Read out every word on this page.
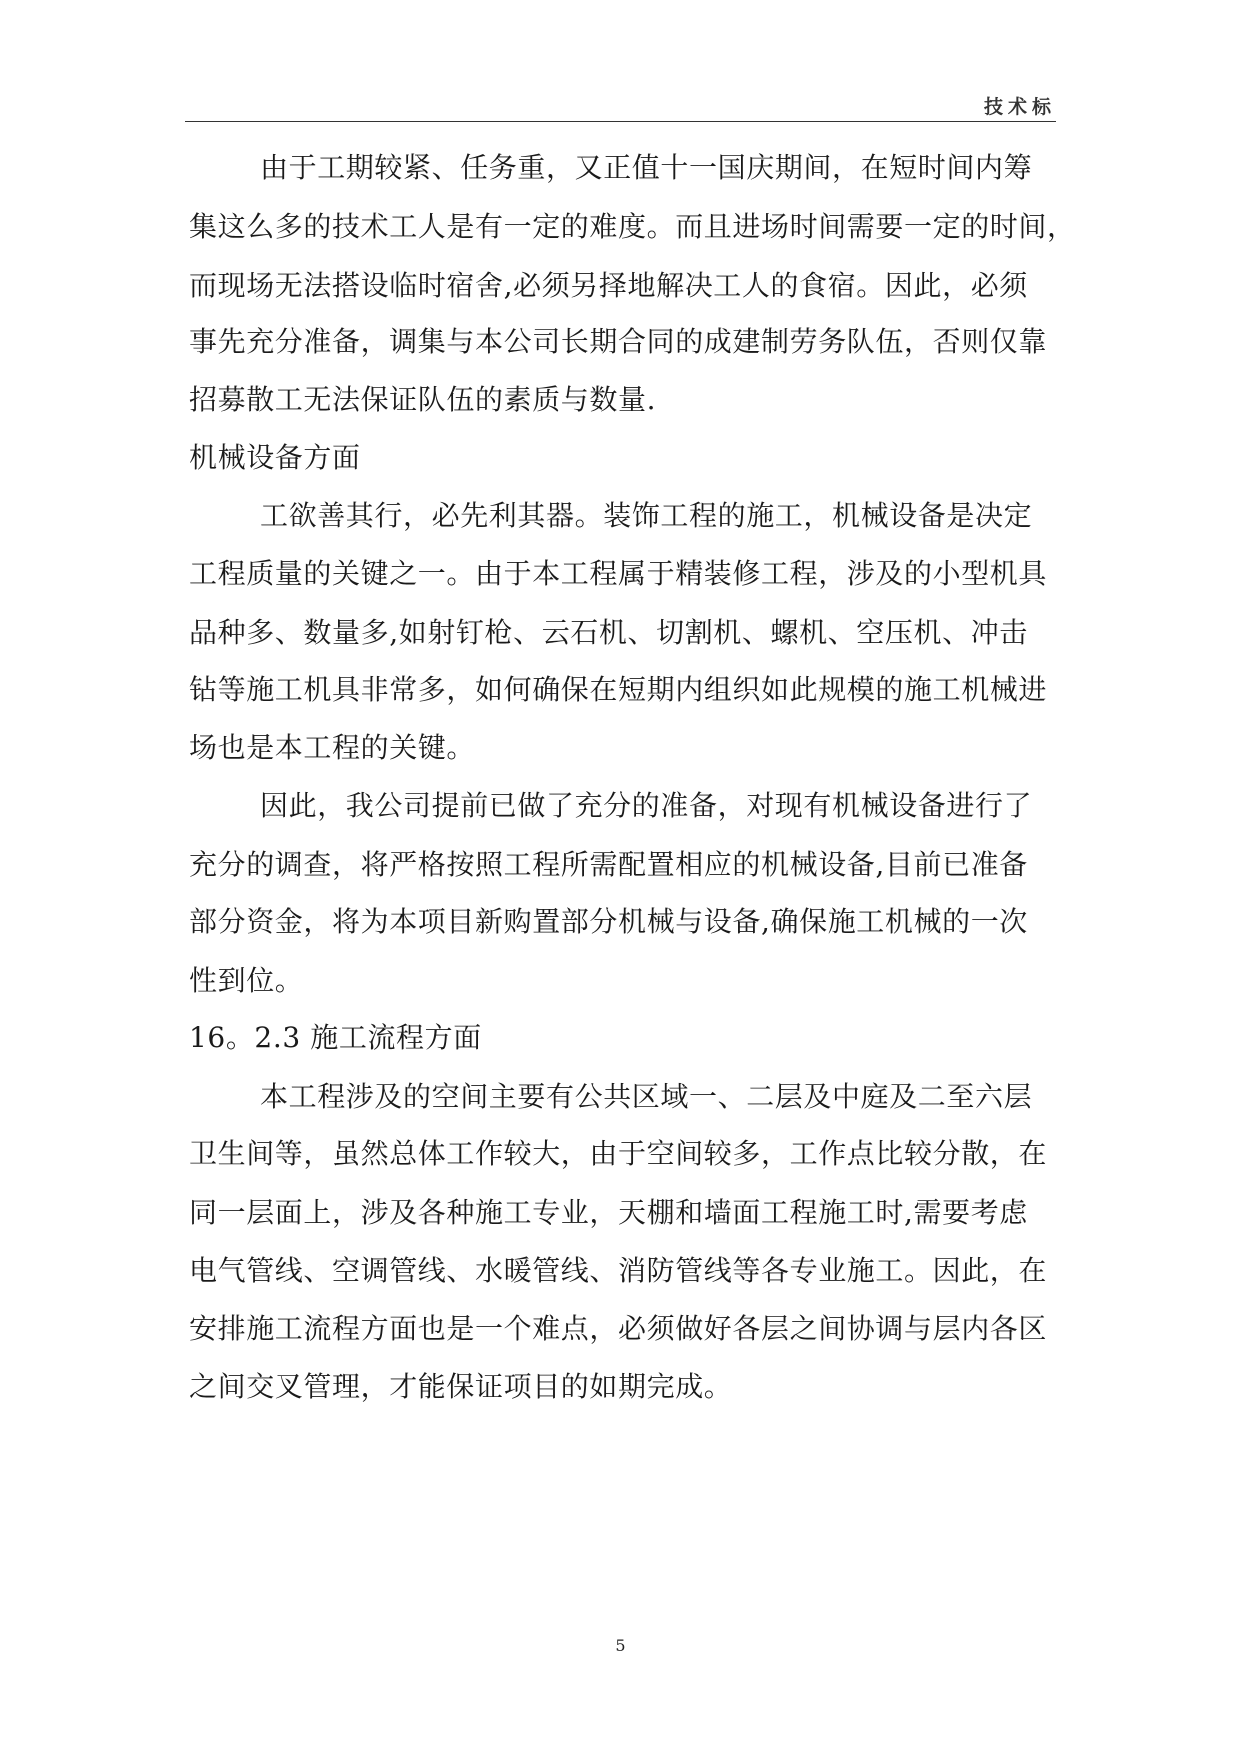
技术标
由于工期较紧、任务重，又正值十一国庆期间，在短时间内筹
集这么多的技术工人是有一定的难度。而且进场时间需要一定的时间，
而现场无法搭设临时宿舍,必须另择地解决工人的食宿。因此，必须
事先充分准备，调集与本公司长期合同的成建制劳务队伍，否则仅靠
招募散工无法保证队伍的素质与数量.
机械设备方面
工欲善其行，必先利其器。装饰工程的施工，机械设备是决定
工程质量的关键之一。由于本工程属于精装修工程，涉及的小型机具
品种多、数量多,如射钉枪、云石机、切割机、螺机、空压机、冲击
钻等施工机具非常多，如何确保在短期内组织如此规模的施工机械进
场也是本工程的关键。
因此，我公司提前已做了充分的准备，对现有机械设备进行了
充分的调查，将严格按照工程所需配置相应的机械设备,目前已准备
部分资金，将为本项目新购置部分机械与设备,确保施工机械的一次
性到位。
16。2.3 施工流程方面
本工程涉及的空间主要有公共区域一、二层及中庭及二至六层
卫生间等，虽然总体工作较大，由于空间较多，工作点比较分散，在
同一层面上，涉及各种施工专业，天棚和墙面工程施工时,需要考虑
电气管线、空调管线、水暖管线、消防管线等各专业施工。因此，在
安排施工流程方面也是一个难点，必须做好各层之间协调与层内各区
之间交叉管理，才能保证项目的如期完成。
5
